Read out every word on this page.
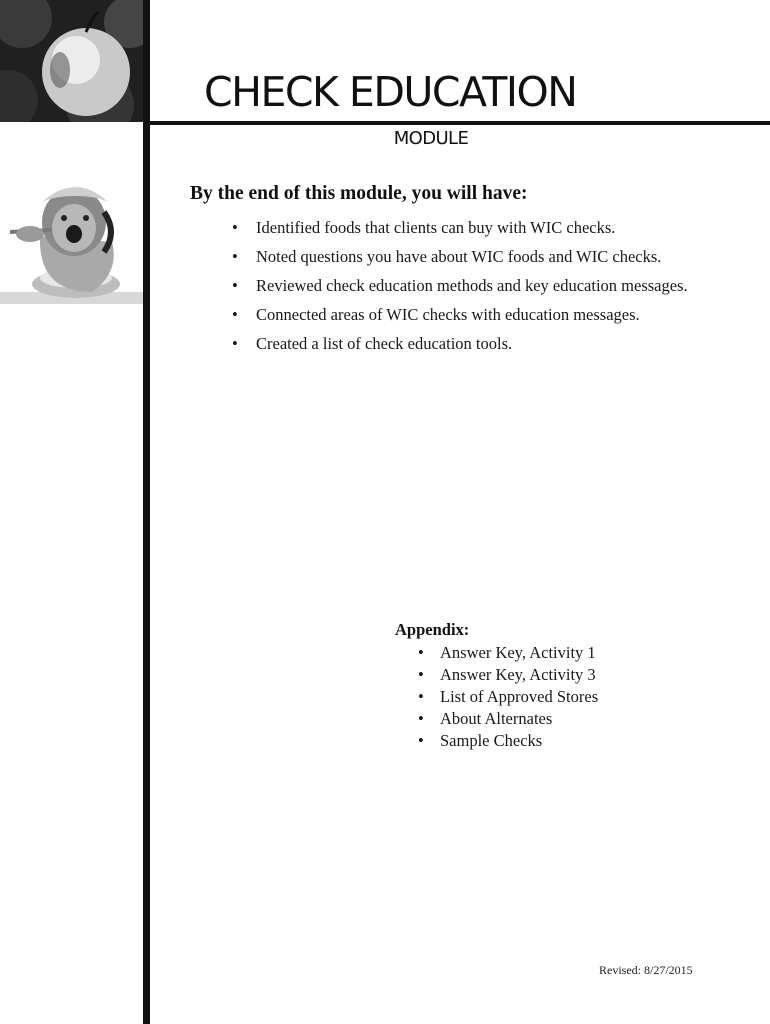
CHECK EDUCATION
MODULE

By the end of this module, you will have:

• Identified foods that clients can buy with WIC checks.
• Noted questions you have about WIC foods and WIC checks.
• Reviewed check education methods and key education messages.
• Connected areas of WIC checks with education messages.
• Created a list of check education tools.

Appendix:

• Answer Key, Activity 1
• Answer Key, Activity 3
• List of Approved Stores
• About Alternates
• Sample Checks
Revised: 8/27/2015
